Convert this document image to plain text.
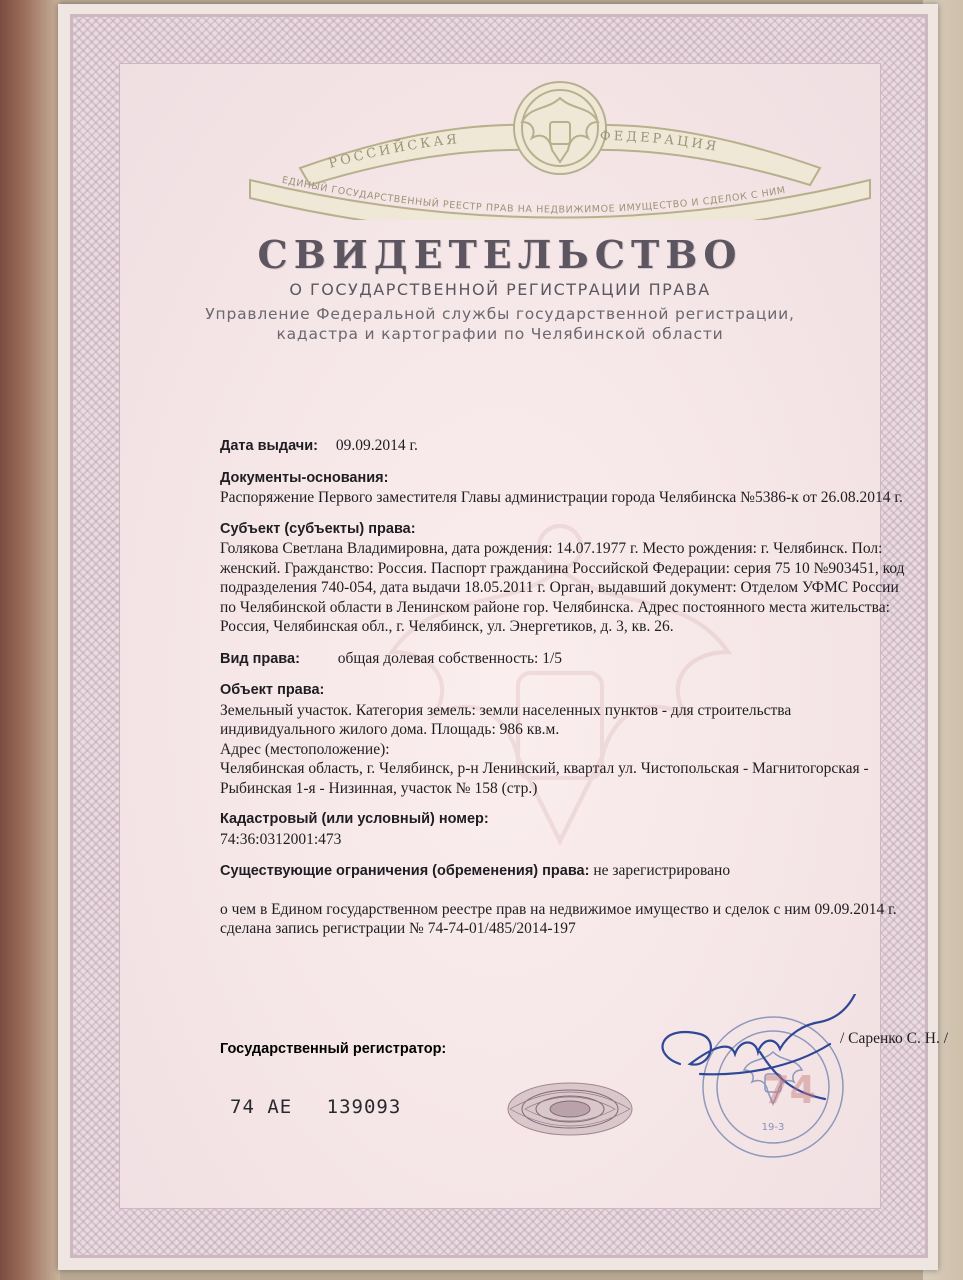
РОССИЙСКАЯ	ФЕДЕРАЦИЯ
ЕДИНЫЙ ГОСУДАРСТВЕННЫЙ РЕЕСТР ПРАВ НА НЕДВИЖИМОЕ ИМУЩЕСТВО И СДЕЛОК С НИМ
СВИДЕТЕЛЬСТВО
О ГОСУДАРСТВЕННОЙ РЕГИСТРАЦИИ ПРАВА
Управление Федеральной службы государственной регистрации,
кадастра и картографии по Челябинской области
Дата выдачи: 09.09.2014 г.
Документы-основания:
Распоряжение Первого заместителя Главы администрации города Челябинска №5386-к от 26.08.2014 г.
Субъект (субъекты) права:
Голякова Светлана Владимировна, дата рождения: 14.07.1977 г. Место рождения: г. Челябинск. Пол: женский. Гражданство: Россия. Паспорт гражданина Российской Федерации: серия 75 10 №903451, код подразделения 740-054, дата выдачи 18.05.2011 г. Орган, выдавший документ: Отделом УФМС России по Челябинской области в Ленинском районе гор. Челябинска. Адрес постоянного места жительства: Россия, Челябинская обл., г. Челябинск, ул. Энергетиков, д. 3, кв. 26.
Вид права: общая долевая собственность: 1/5
Объект права:
Земельный участок. Категория земель: земли населенных пунктов - для строительства индивидуального жилого дома. Площадь: 986 кв.м.
Адрес (местоположение):
Челябинская область, г. Челябинск, р-н Ленинский, квартал ул. Чистопольская - Магнитогорская - Рыбинская 1-я - Низинная, участок № 158 (стр.)
Кадастровый (или условный) номер:
74:36:0312001:473
Существующие ограничения (обременения) права: не зарегистрировано
о чем в Едином государственном реестре прав на недвижимое имущество и сделок с ним 09.09.2014 г. сделана запись регистрации № 74-74-01/485/2014-197
Государственный регистратор:
/ Саренко С. Н. /
19-3
74 АЕ 139093	74
